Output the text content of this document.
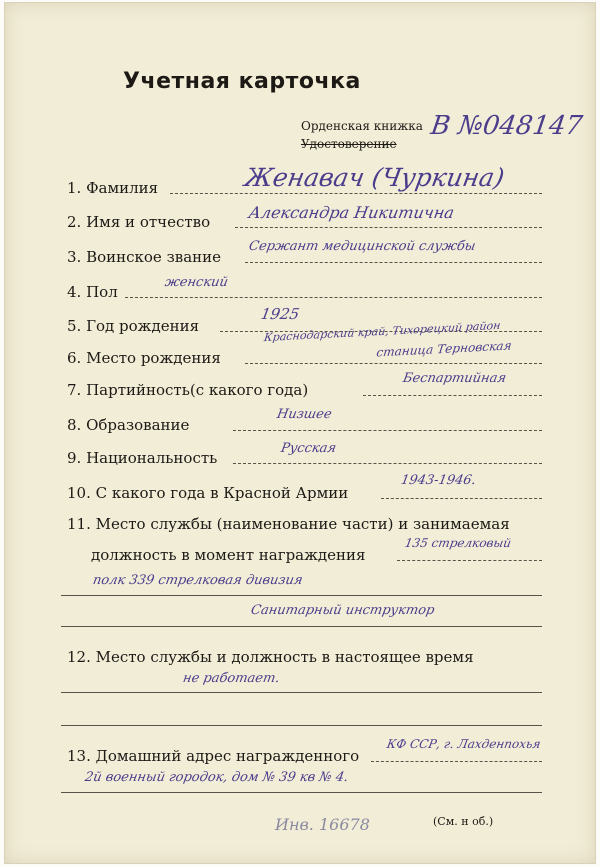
Учетная карточка
Орденская книжка
Удостоверение
В №048147
1. Фамилия	Женавач (Чуркина)
2. Имя и отчество Александра Никитична
3. Воинское звание
Сержант медицинской службы
4. Пол
женский
5. Год рождения
1925
6. Место рождения
Краснодарский край, Тихорецкий район
станица Терновская
7. Партийность(с какого года)
Беспартийная
8. Образование
Низшее
9. Национальность
Русская
10. С какого года в Красной Армии
1943-1946.
11. Место службы (наименование части) и занимаемая
должность в момент награждения
135 стрелковый
полк 339 стрелковая дивизия
Санитарный инструктор
12. Место службы и должность в настоящее время
не работает.
13. Домашний адрес награжденного
КФ ССР, г. Лахденпохья
2й военный городок, дом № 39 кв № 4.
Инв. 16678	(См. н об.)
